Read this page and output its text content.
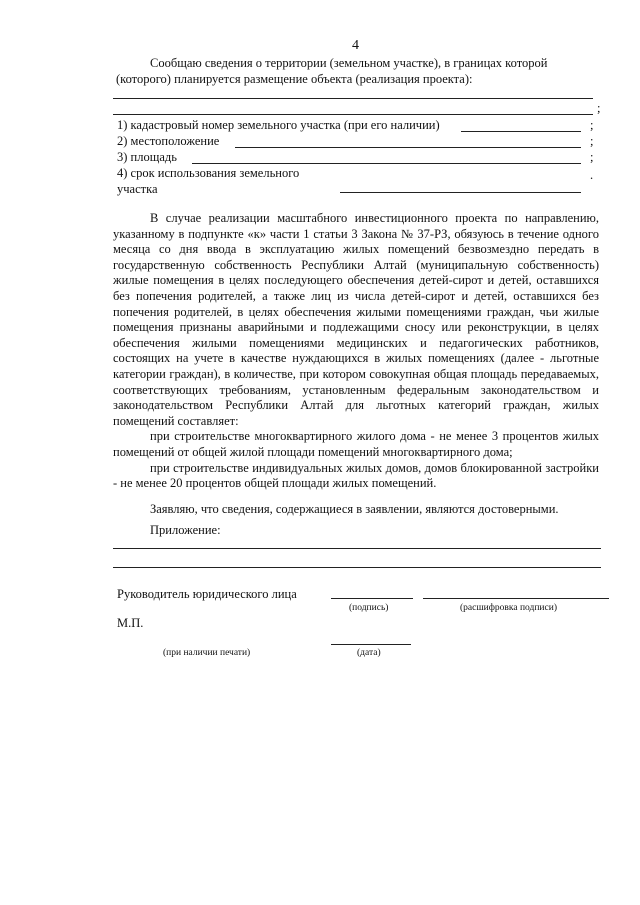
4
Сообщаю сведения о территории (земельном участке), в границах которой
(которого) планируется размещение объекта (реализация проекта):
;
1) кадастровый номер земельного участка (при его наличии)	;
2) местоположение	;
3) площадь	;
4) срок использования земельного
участка
.

В случае реализации масштабного инвестиционного проекта по направлению, указанному в подпункте «к» части 1 статьи 3 Закона № 37-РЗ, обязуюсь в течение одного месяца со дня ввода в эксплуатацию жилых помещений безвозмездно передать в государственную собственность Республики Алтай (муниципальную собственность) жилые помещения в целях последующего обеспечения детей-сирот и детей, оставшихся без попечения родителей, а также лиц из числа детей-сирот и детей, оставшихся без попечения родителей, в целях обеспечения жилыми помещениями граждан, чьи жилые помещения признаны аварийными и подлежащими сносу или реконструкции, в целях обеспечения жилыми помещениями медицинских и педагогических работников, состоящих на учете в качестве нуждающихся в жилых помещениях (далее - льготные категории граждан), в количестве, при котором совокупная общая площадь передаваемых, соответствующих требованиям, установленным федеральным законодательством и законодательством Республики Алтай для льготных категорий граждан, жилых помещений составляет:

при строительстве многоквартирного жилого дома - не менее 3 процентов жилых помещений от общей жилой площади помещений многоквартирного дома;

при строительстве индивидуальных жилых домов, домов блокированной застройки - не менее 20 процентов общей площади жилых помещений.

Заявляю, что сведения, содержащиеся в заявлении, являются достоверными.

Приложение:
Руководитель юридического лица
(подпись)	(расшифровка подписи)
М.П.
(при наличии печати)	(дата)
